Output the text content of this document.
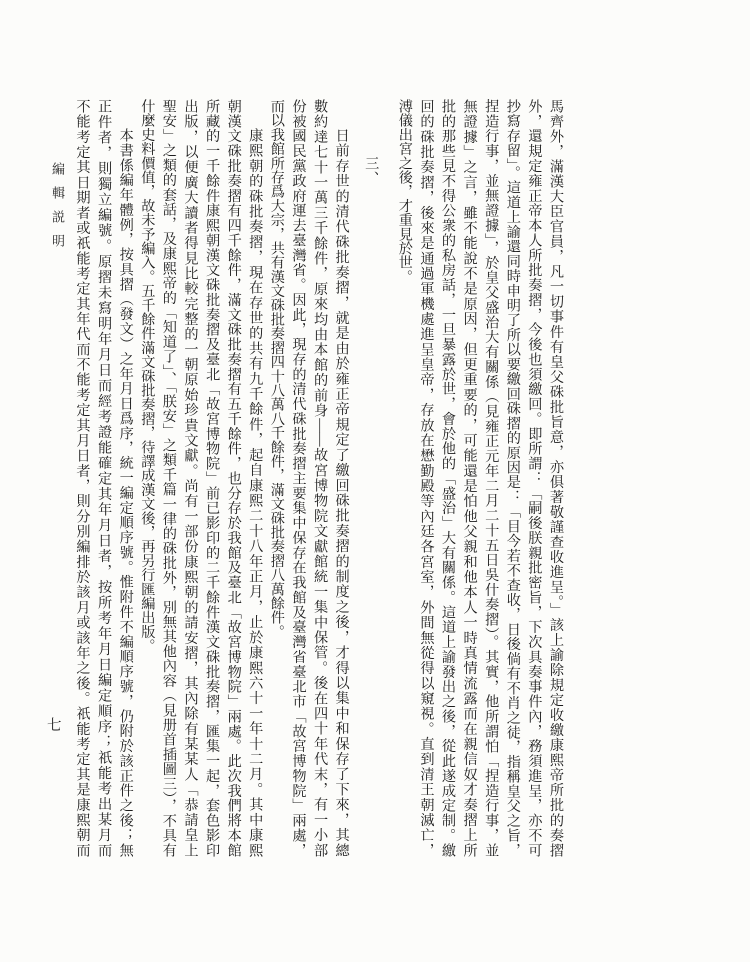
編輯説明
七	馬齊外，滿漢大臣官員，凡一切事件有皇父硃批旨意，亦俱著敬謹查收進呈。」該上諭除規定收繳康熙帝所批的奏摺
外，還規定雍正帝本人所批奏摺，今後也須繳回。即所謂：「嗣後朕親批密旨，下次具奏事件內，務須進呈，亦不可
抄寫存留」。這道上諭還同時申明了所以要繳回硃摺的原因是：「目今若不查收，日後倘有不肖之徒，指稱皇父之旨，
捏造行事，並無證據」，於皇父盛治大有關係（見雍正元年二月二十五日吳什奏摺）。其實，他所謂怕「捏造行事，並
無證據」之言，雖不能說不是原因，但更重要的，可能還是怕他父親和他本人一時真情流露而在親信奴才奏摺上所
批的那些見不得公衆的私房話，一旦暴露於世，會於他的「盛治」大有關係。這道上諭發出之後，從此遂成定制。繳
回的硃批奏摺，後來是通過軍機處進呈皇帝，存放在懋勤殿等內廷各宮室，外間無從得以窺視。直到清王朝滅亡，
溥儀出宮之後，才重見於世。
三、
日前存世的清代硃批奏摺，就是由於雍正帝規定了繳回硃批奏摺的制度之後，才得以集中和保存了下來，其總
數約達七十一萬三千餘件，原來均由本館的前身——故宮博物院文獻館統一集中保管。後在四十年代末，有一小部
份被國民黨政府運去臺灣省。因此，現存的清代硃批奏摺主要集中保存在我館及臺灣省臺北市「故宮博物院」兩處，
而以我館所存爲大宗，共有漢文硃批奏摺四十八萬八千餘件，滿文硃批奏摺八萬餘件。
康熙朝的硃批奏摺，現在存世的共有九千餘件，起自康熙二十八年正月，止於康熙六十一年十二月。其中康熙
朝漢文硃批奏摺有四千餘件，滿文硃批奏摺有五千餘件，也分存於我館及臺北「故宮博物院」兩處。此次我們將本館
所藏的一千餘件康熙朝漢文硃批奏摺及臺北「故宮博物院」前已影印的二千餘件漢文硃批奏摺，匯集一起，套色影印
出版，以便廣大讀者得見比較完整的一朝原始珍貴文獻。尚有一部份康熙朝的請安摺，其內除有某某人「恭請皇上
聖安」之類的套話，及康熙帝的「知道了」、「朕安」之類千篇一律的硃批外，別無其他內容（見册首插圖三），不具有
什麼史料價值，故未予編入。五千餘件滿文硃批奏摺，待譯成漢文後，再另行匯編出版。
本書係編年體例，按具摺（發文）之年月日爲序，統一編定順序號。惟附件不編順序號，仍附於該正件之後；無
正件者，則獨立編號。原摺未寫明年月日而經考證能確定其年月日者，按所考年月日編定順序；祇能考出某月而
不能考定其日期者或祇能考定其年代而不能考定其月日者，則分別編排於該月或該年之後。祇能考定其是康熙朝而
